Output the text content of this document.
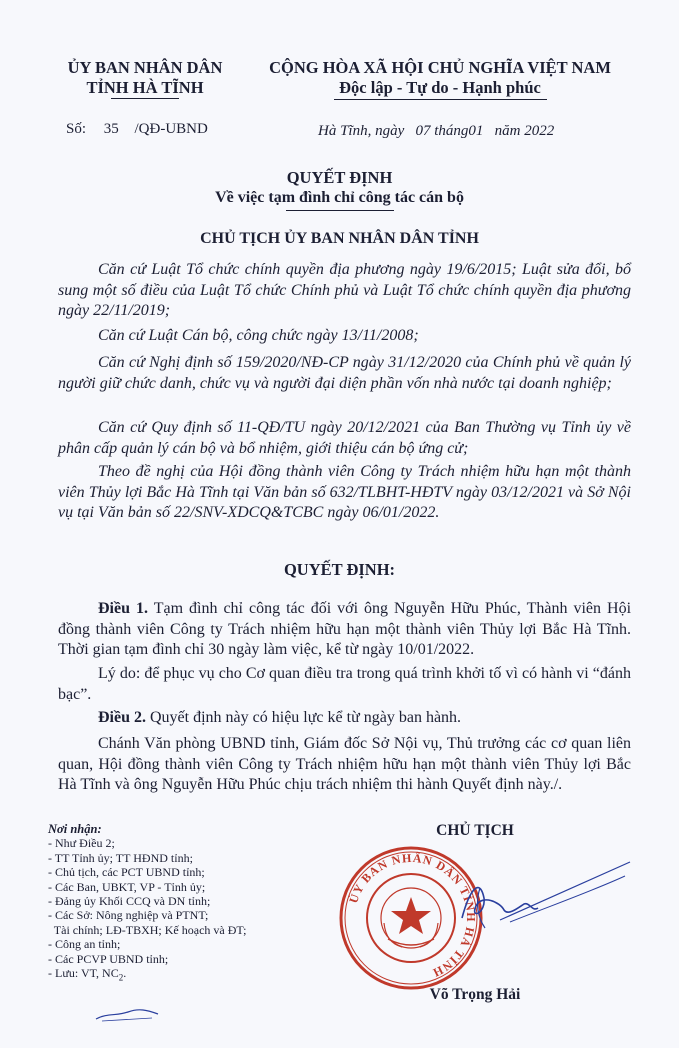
ỦY BAN NHÂN DÂN
TỈNH HÀ TĨNH
CỘNG HÒA XÃ HỘI CHỦ NGHĨA VIỆT NAM
Độc lập - Tự do - Hạnh phúc
Số: 35 /QĐ-UBND	Hà Tĩnh, ngày   07 tháng01   năm 2022
QUYẾT ĐỊNH
Về việc tạm đình chỉ công tác cán bộ
CHỦ TỊCH ỦY BAN NHÂN DÂN TỈNH
Căn cứ Luật Tổ chức chính quyền địa phương ngày 19/6/2015; Luật sửa đổi, bổ sung một số điều của Luật Tổ chức Chính phủ và Luật Tổ chức chính quyền địa phương ngày 22/11/2019;
Căn cứ Luật Cán bộ, công chức ngày 13/11/2008;
Căn cứ Nghị định số 159/2020/NĐ-CP ngày 31/12/2020 của Chính phủ về quản lý người giữ chức danh, chức vụ và người đại diện phần vốn nhà nước tại doanh nghiệp;
Căn cứ Quy định số 11-QĐ/TU ngày 20/12/2021 của Ban Thường vụ Tỉnh ủy về phân cấp quản lý cán bộ và bổ nhiệm, giới thiệu cán bộ ứng cử;
Theo đề nghị của Hội đồng thành viên Công ty Trách nhiệm hữu hạn một thành viên Thủy lợi Bắc Hà Tĩnh tại Văn bản số 632/TLBHT-HĐTV ngày 03/12/2021 và Sở Nội vụ tại Văn bản số 22/SNV-XDCQ&TCBC ngày 06/01/2022.
QUYẾT ĐỊNH:
Điều 1. Tạm đình chỉ công tác đối với ông Nguyễn Hữu Phúc, Thành viên Hội đồng thành viên Công ty Trách nhiệm hữu hạn một thành viên Thủy lợi Bắc Hà Tĩnh. Thời gian tạm đình chỉ 30 ngày làm việc, kể từ ngày 10/01/2022.
Lý do: để phục vụ cho Cơ quan điều tra trong quá trình khởi tố vì có hành vi “đánh bạc”.
Điều 2. Quyết định này có hiệu lực kể từ ngày ban hành.
Chánh Văn phòng UBND tỉnh, Giám đốc Sở Nội vụ, Thủ trưởng các cơ quan liên quan, Hội đồng thành viên Công ty Trách nhiệm hữu hạn một thành viên Thủy lợi Bắc Hà Tĩnh và ông Nguyễn Hữu Phúc chịu trách nhiệm thi hành Quyết định này./.
Nơi nhận:
- Như Điều 2;
- TT Tỉnh ủy; TT HĐND tỉnh;
- Chủ tịch, các PCT UBND tỉnh;
- Các Ban, UBKT, VP - Tỉnh ủy;
- Đảng ủy Khối CCQ và DN tỉnh;
- Các Sở: Nông nghiệp và PTNT;
Tài chính; LĐ-TBXH; Kế hoạch và ĐT;
- Công an tỉnh;
- Các PCVP UBND tỉnh;
- Lưu: VT, $NC_2$.
CHỦ TỊCH
ỦY BAN NHÂN DÂN TỈNH HÀ TĨNH
Võ Trọng Hải
